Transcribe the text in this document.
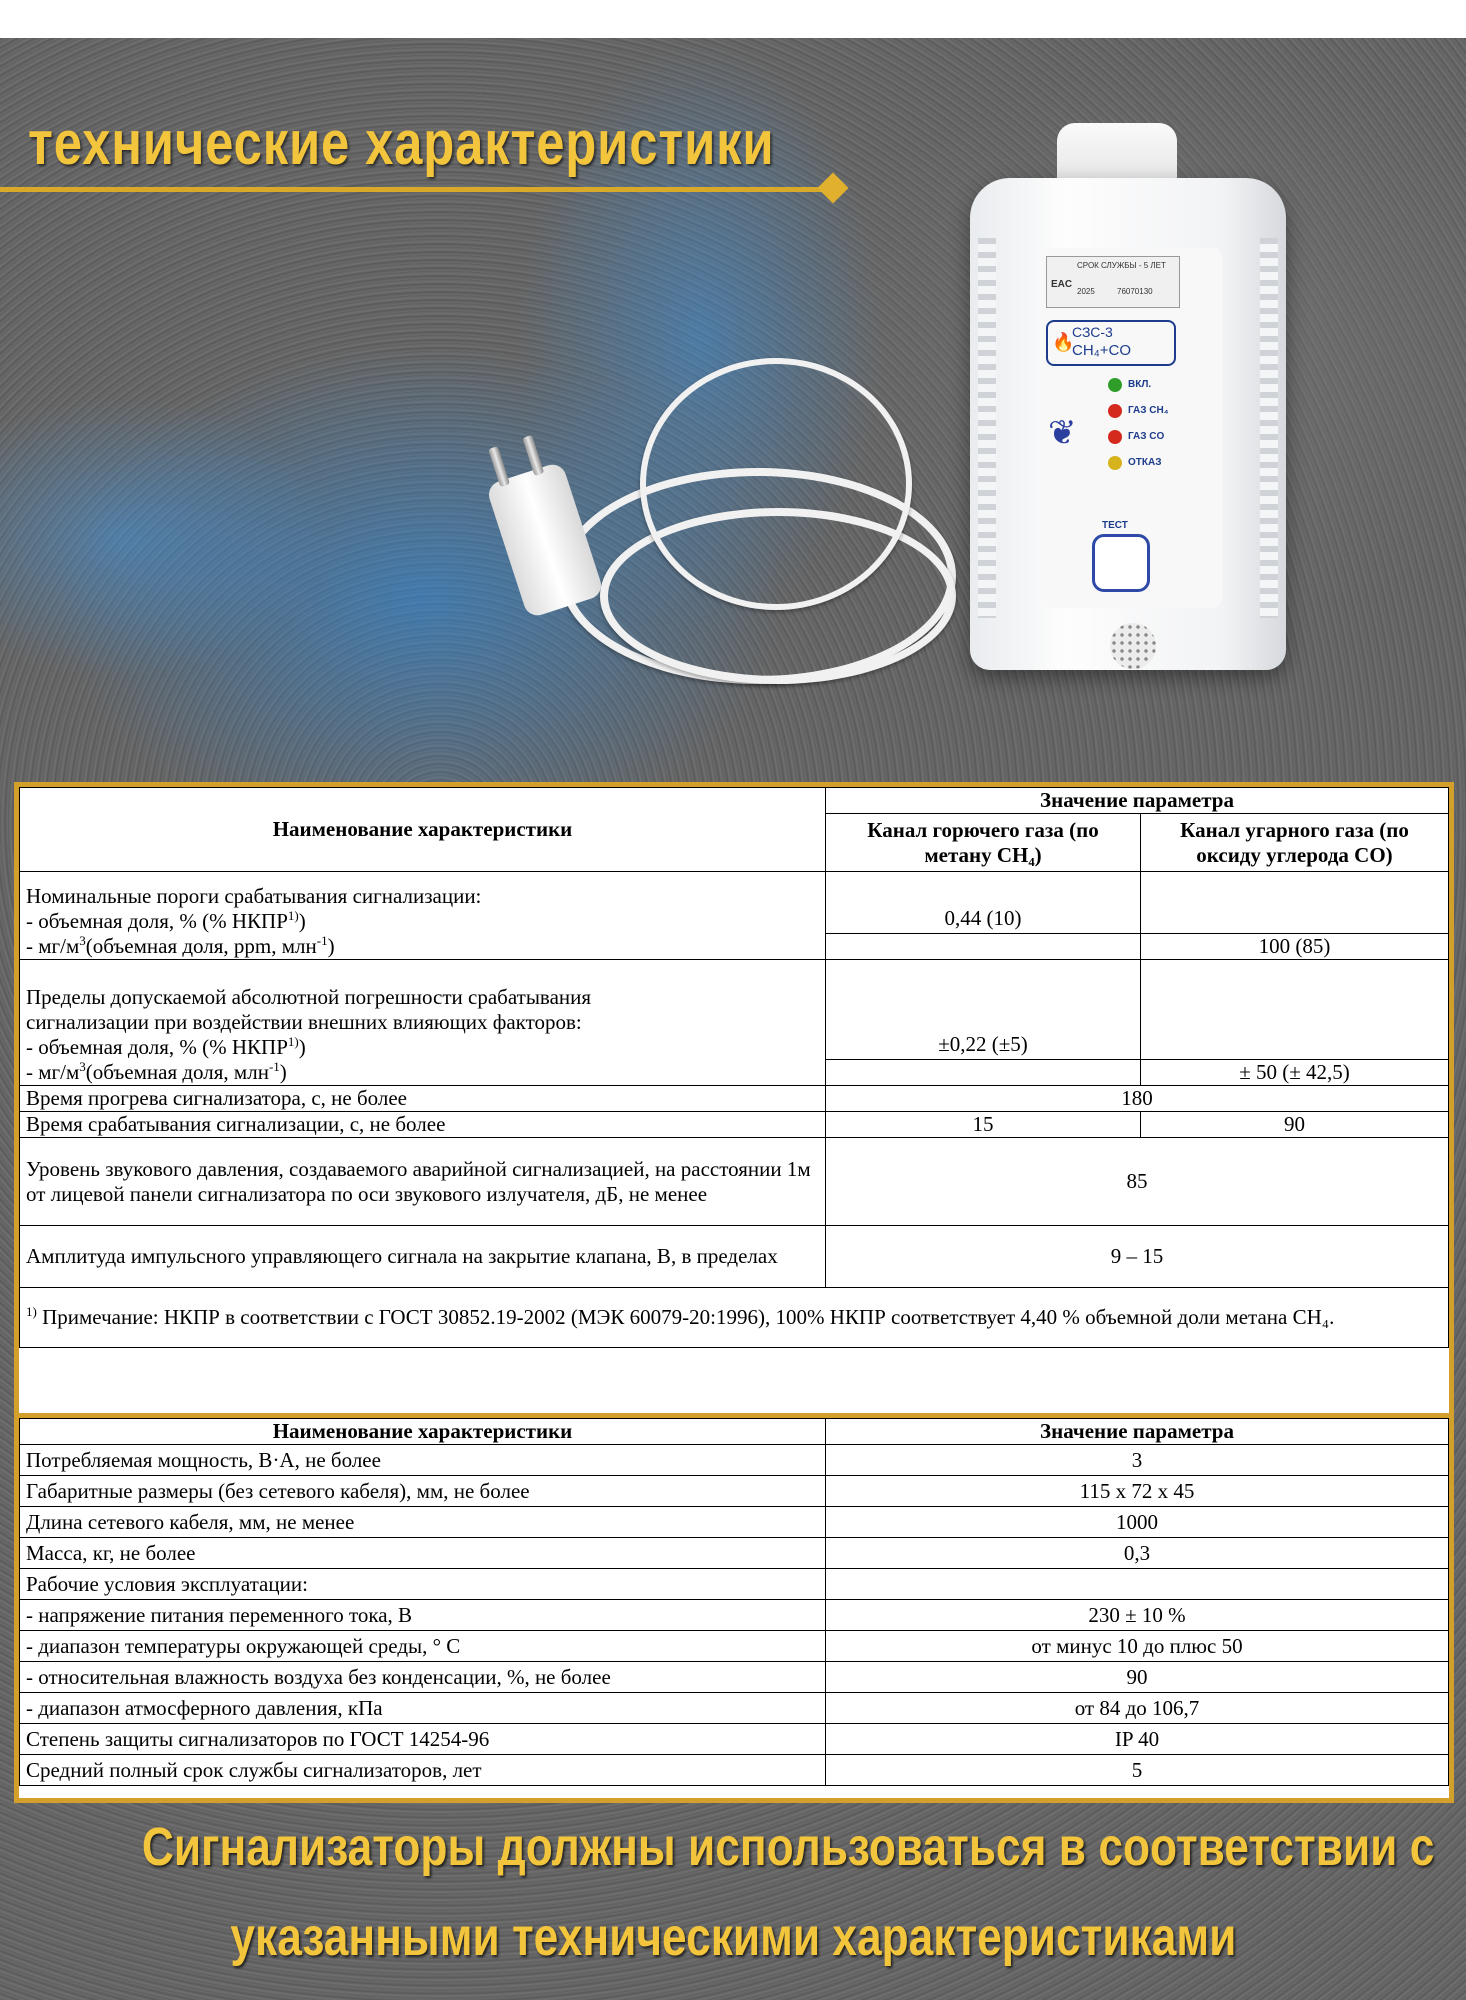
технические характеристики
СРОК СЛУЖБЫ - 5 ЛЕТ
EAC
2025	76070130
🔥
СЗС-3
CH₄+CO
ВКЛ.
ГАЗ CH₄
ГАЗ CO
ОТКАЗ
❦
ТЕСТ
Наименование характеристики	Значение параметра	
	Канал горючего газа (по метану CH₄)	Канал угарного газа (по оксиду углерода CO)

Номинальные пороги срабатывания сигнализации:
- объемная доля, % (% НКПР$^{1)}$)	0,44 (10)	
- $мг/м^3(объемная$ доля, ppm, млн$^{-1}$)		100 (85)

Пределы допускаемой абсолютной погрешности срабатывания
сигнализации при воздействии внешних влияющих факторов:
- объемная доля, % (% $НКПР^{1)}$)	±0,22 (±5)	
- $мг/м^3(объемная$ доля, млн$^{-1}$)		± 50 (± 42,5)
Время прогрева сигнализатора, с, не более	180	
Время срабатывания сигнализации, с, не более	15	90
Уровень звукового давления, создаваемого аварийной сигнализацией, на расстоянии 1м от лицевой панели сигнализатора по оси звукового излучателя, дБ, не менее	85	
Амплитуда импульсного управляющего сигнала на закрытие клапана, В, в пределах	9 – 15	
$^{1)}$ Примечание: НКПР в соответствии с ГОСТ 30852.19-2002 (МЭК 60079-20:1996), 100% НКПР соответствует 4,40 % объемной доли метана CH₄.		
Наименование характеристики	Значение параметра
Потребляемая мощность, В·А, не более	3
Габаритные размеры (без сетевого кабеля), мм, не более	115 x 72 x 45
Длина сетевого кабеля, мм, не менее	1000
Масса, кг, не более	0,3
Рабочие условия эксплуатации:	
- напряжение питания переменного тока, В	230 ± 10 %
- диапазон температуры окружающей среды, ° С	от минус 10 до плюс 50
- относительная влажность воздуха без конденсации, %, не более	90
- диапазон атмосферного давления, кПа	от 84 до 106,7
Степень защиты сигнализаторов по ГОСТ 14254-96	IP 40
Средний полный срок службы сигнализаторов, лет	5
Сигнализаторы должны использоваться в соответствии с
указанными техническими характеристиками
